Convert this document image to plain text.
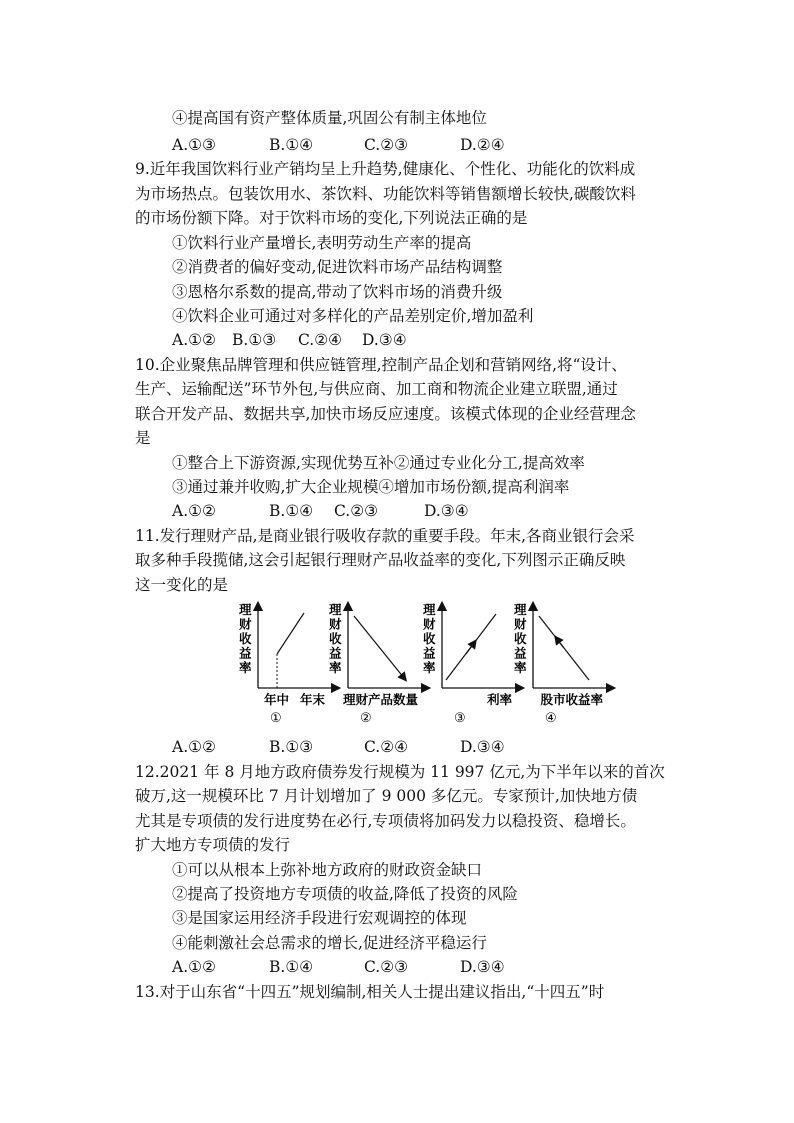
④提高国有资产整体质量,巩固公有制主体地位
A.①③	B.①④	C.②③	D.②④
9.近年我国饮料行业产销均呈上升趋势,健康化、个性化、功能化的饮料成
为市场热点。包装饮用水、茶饮料、功能饮料等销售额增长较快,碳酸饮料
的市场份额下降。对于饮料市场的变化,下列说法正确的是
①饮料行业产量增长,表明劳动生产率的提高
②消费者的偏好变动,促进饮料市场产品结构调整
③恩格尔系数的提高,带动了饮料市场的消费升级
④饮料企业可通过对多样化的产品差别定价,增加盈利
A.①② B.①③ C.②④ D.③④
10.企业聚焦品牌管理和供应链管理,控制产品企划和营销网络,将“设计、
生产、运输配送”环节外包,与供应商、加工商和物流企业建立联盟,通过
联合开发产品、数据共享,加快市场反应速度。该模式体现的企业经营理念
是
①整合上下游资源,实现优势互补②通过专业化分工,提高效率
③通过兼并收购,扩大企业规模④增加市场份额,提高利润率
A.①②	B.①④ C.②③	D.③④
11.发行理财产品,是商业银行吸收存款的重要手段。年末,各商业银行会采
取多种手段揽储,这会引起银行理财产品收益率的变化,下列图示正确反映
这一变化的是
理
财
收
益
率
年中 年末
①
理
财
收
益
率
理财产品数量
②
理
财
收
益
率
利率
③
理
财
收
益
率
股市收益率
④
A.①②	B.①③	C.②④	D.③④
12.2021 年 8 月地方政府债券发行规模为 11 997 亿元,为下半年以来的首次
破万,这一规模环比 7 月计划增加了 9 000 多亿元。专家预计,加快地方债
尤其是专项债的发行进度势在必行,专项债将加码发力以稳投资、稳增长。
扩大地方专项债的发行
①可以从根本上弥补地方政府的财政资金缺口
②提高了投资地方专项债的收益,降低了投资的风险
③是国家运用经济手段进行宏观调控的体现
④能刺激社会总需求的增长,促进经济平稳运行
A.①②	B.①④	C.②③	D.③④
13.对于山东省“十四五”规划编制,相关人士提出建议指出,“十四五”时
